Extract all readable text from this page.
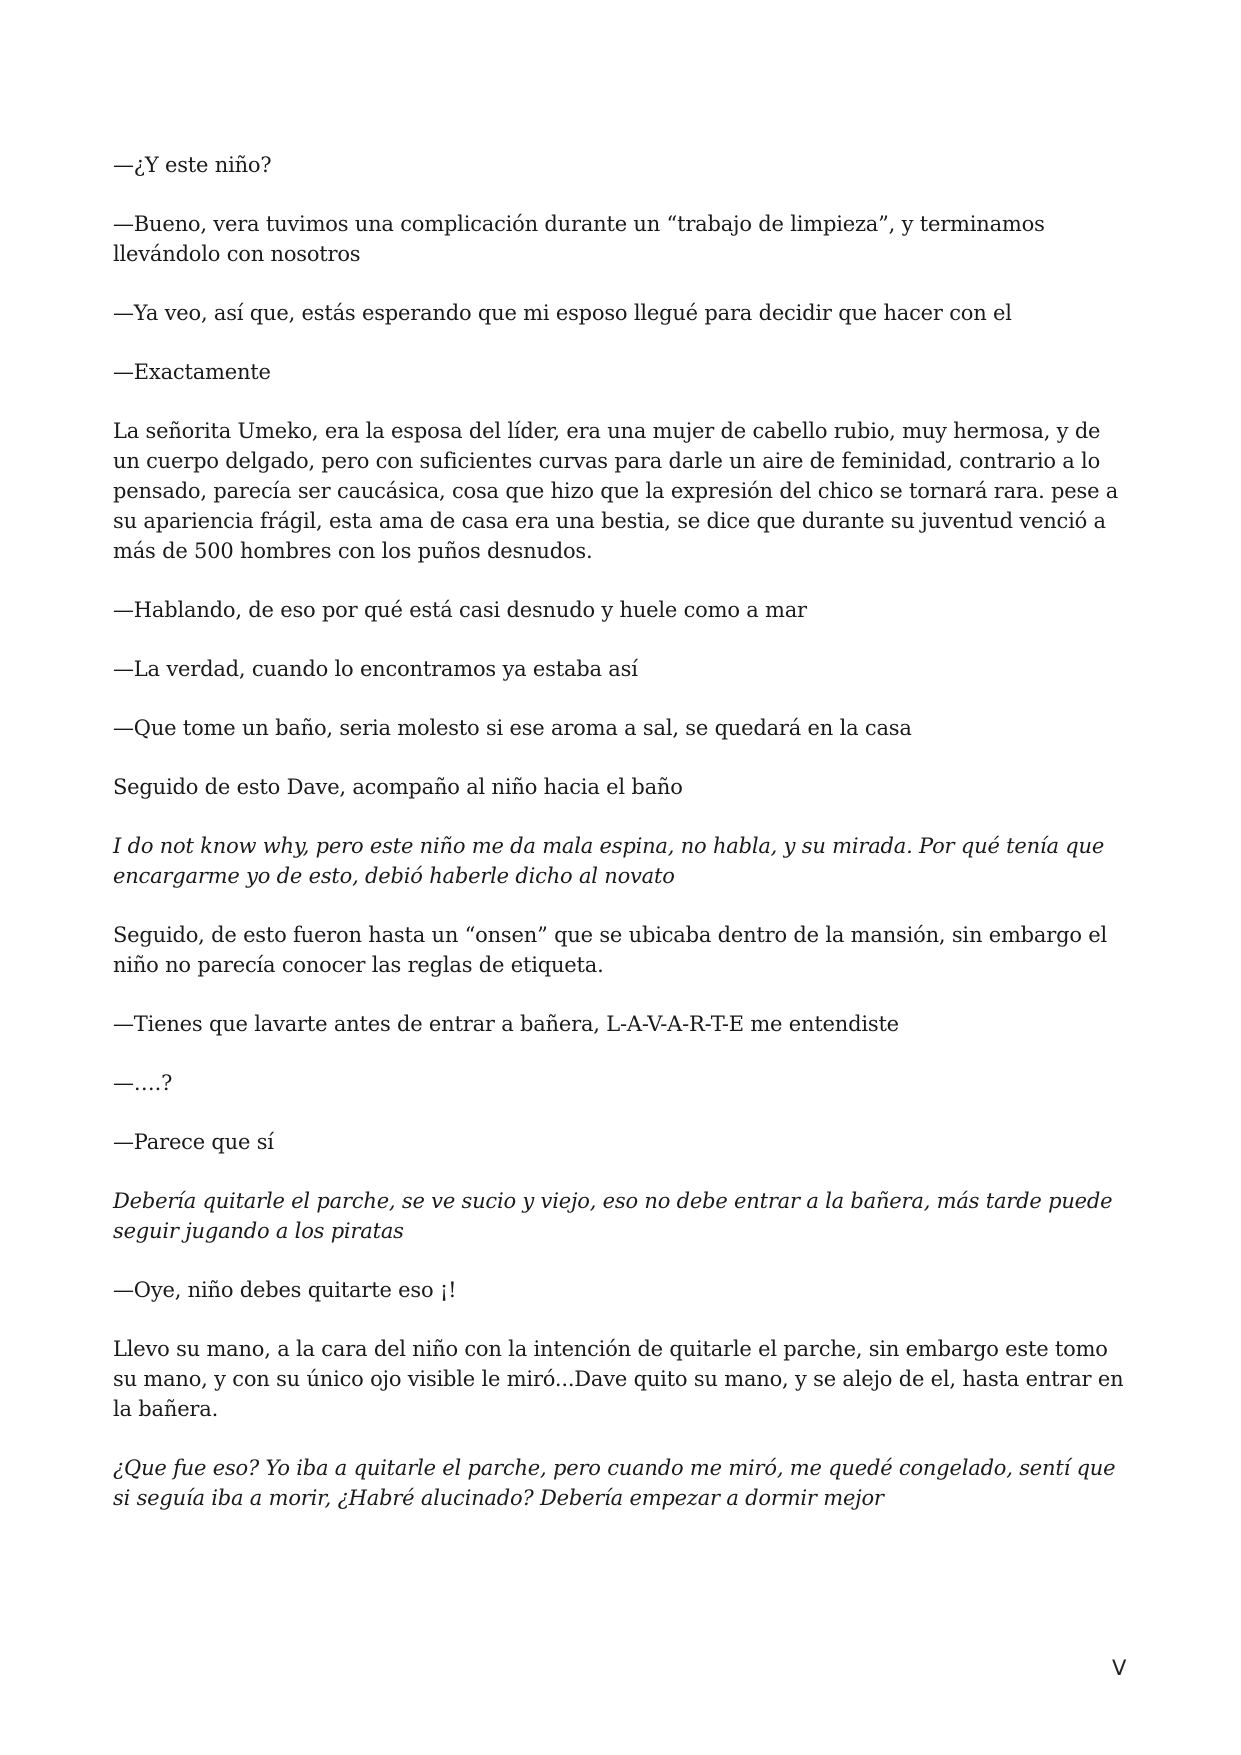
—¿Y este niño?

—Bueno, vera tuvimos una complicación durante un “trabajo de limpieza”, y terminamos llevándolo con nosotros

—Ya veo, así que, estás esperando que mi esposo llegué para decidir que hacer con el

—Exactamente

La señorita Umeko, era la esposa del líder, era una mujer de cabello rubio, muy hermosa, y de un cuerpo delgado, pero con suficientes curvas para darle un aire de feminidad, contrario a lo pensado, parecía ser caucásica, cosa que hizo que la expresión del chico se tornará rara. pese a su apariencia frágil, esta ama de casa era una bestia, se dice que durante su juventud venció a más de 500 hombres con los puños desnudos.

—Hablando, de eso por qué está casi desnudo y huele como a mar

—La verdad, cuando lo encontramos ya estaba así

—Que tome un baño, seria molesto si ese aroma a sal, se quedará en la casa

Seguido de esto Dave, acompaño al niño hacia el baño

I do not know why, pero este niño me da mala espina, no habla, y su mirada. Por qué tenía que encargarme yo de esto, debió haberle dicho al novato

Seguido, de esto fueron hasta un “onsen” que se ubicaba dentro de la mansión, sin embargo el niño no parecía conocer las reglas de etiqueta.

—Tienes que lavarte antes de entrar a bañera, L-A-V-A-R-T-E me entendiste

—….?

—Parece que sí

Debería quitarle el parche, se ve sucio y viejo, eso no debe entrar a la bañera, más tarde puede seguir jugando a los piratas

—Oye, niño debes quitarte eso ¡!

Llevo su mano, a la cara del niño con la intención de quitarle el parche, sin embargo este tomo su mano, y con su único ojo visible le miró...Dave quito su mano, y se alejo de el, hasta entrar en la bañera.

¿Que fue eso? Yo iba a quitarle el parche, pero cuando me miró, me quedé congelado, sentí que si seguía iba a morir, ¿Habré alucinado? Debería empezar a dormir mejor

V
